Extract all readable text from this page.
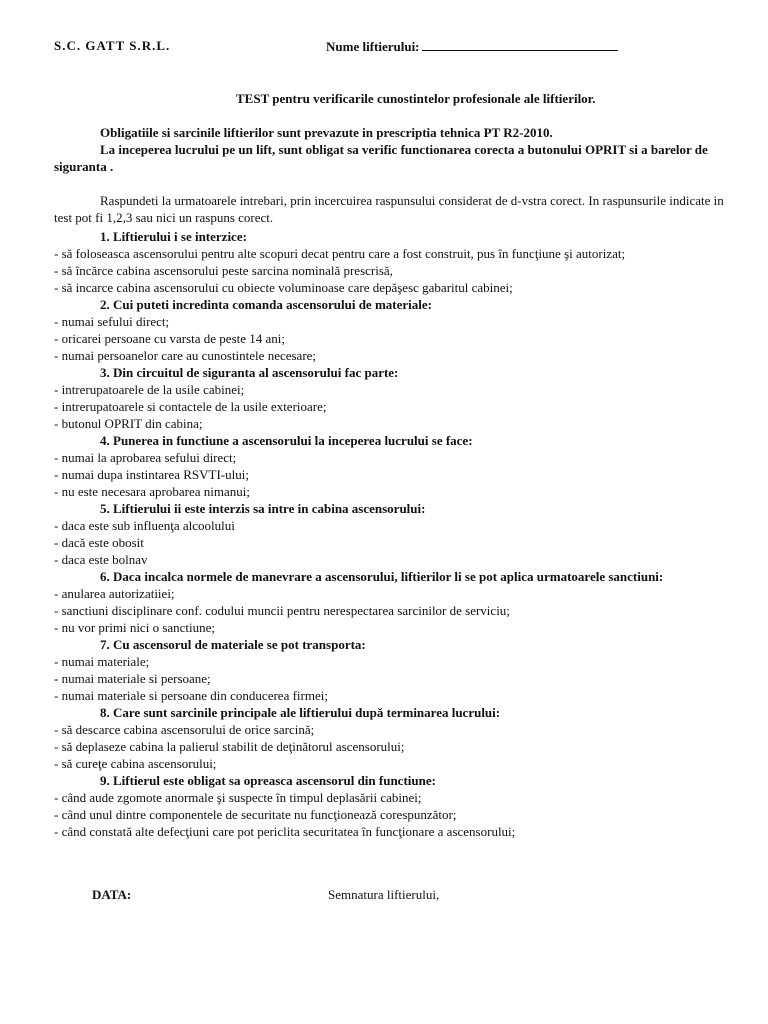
S.C. GATT S.R.L.	Nume liftierului:
TEST pentru verificarile cunostintelor profesionale ale liftierilor.
Obligatiile si sarcinile liftierilor sunt prevazute in prescriptia tehnica PT R2-2010.
La inceperea lucrului pe un lift, sunt obligat sa verific functionarea corecta a butonului OPRIT si a barelor de siguranta .

Raspundeti la urmatoarele intrebari, prin incercuirea raspunsului considerat de d-vstra corect. In raspunsurile indicate in test pot fi 1,2,3 sau nici un raspuns corect.

1. Liftierului i se interzice:
- să foloseasca ascensorului pentru alte scopuri decat pentru care a fost construit, pus în funcţiune şi autorizat;
- să încărce cabina ascensorului peste sarcina nominală prescrisă,
- să incarce cabina ascensorului cu obiecte voluminoase care depăşesc gabaritul cabinei;
2. Cui puteti incredinta comanda ascensorului de materiale:
- numai sefului direct;
- oricarei persoane cu varsta de peste 14 ani;
- numai persoanelor care au cunostintele necesare;
3. Din circuitul de siguranta al ascensorului fac parte:
- intrerupatoarele de la usile cabinei;
- intrerupatoarele si contactele de la usile exterioare;
- butonul OPRIT din cabina;
4. Punerea in functiune a ascensorului la inceperea lucrului se face:
- numai la aprobarea sefului direct;
- numai dupa instintarea RSVTI-ului;
- nu este necesara aprobarea nimanui;
5. Liftierului ii este interzis sa intre in cabina ascensorului:
- daca este sub influenţa alcoolului
- dacă este obosit
- daca este bolnav
6. Daca incalca normele de manevrare a ascensorului, liftierilor li se pot aplica urmatoarele sanctiuni:
- anularea autorizatiiei;
- sanctiuni disciplinare conf. codului muncii pentru nerespectarea sarcinilor de serviciu;
- nu vor primi nici o sanctiune;
7. Cu ascensorul de materiale se pot transporta:
- numai materiale;
- numai materiale si persoane;
- numai materiale si persoane din conducerea firmei;
8. Care sunt sarcinile principale ale liftierului după terminarea lucrului:
- să descarce cabina ascensorului de orice sarcină;
- să deplaseze cabina la palierul stabilit de deţinătorul ascensorului;
- să cureţe cabina ascensorului;
9. Liftierul este obligat sa opreasca ascensorul din functiune:
- când aude zgomote anormale şi suspecte în timpul deplasării cabinei;
- când unul dintre componentele de securitate nu funcţionează corespunzător;
- când constată alte defecţiuni care pot periclita securitatea în funcţionare a ascensorului;
DATA:	Semnatura liftierului,
